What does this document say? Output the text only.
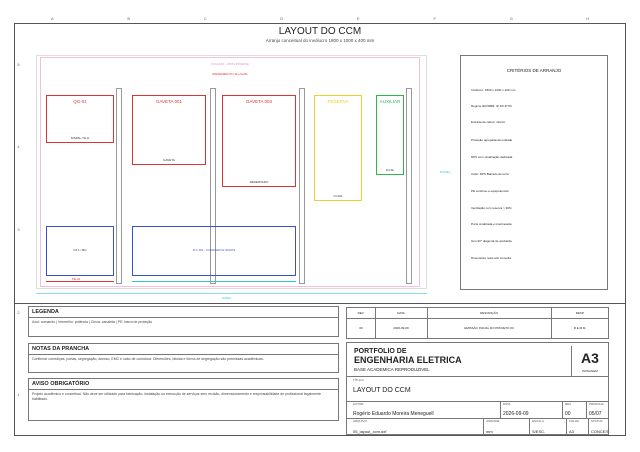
A	B	C	D	E	F	G	H
5
4
3
2
1
LAYOUT DO CCM
Arranjo conceitual do invólucro 1800 x 1000 x 400 mm
CCM-100 - VISTA INTERNA
BARRAMENTO 3F+N+PE
QG-01
DISPAL-TH-H
GAVETA 001
GAVETA
GAVETA 003
RESERVADO
RESERVA
CI-001
AUXILIAR
DJ-SL
DJ 1 / BO	DJ / DS - COMANDO E SINAIS
PE-01
PAINEL
SAÍDA
CRITÉRIOS DE ARRANJO
Invólucro: 1800 x 1000 x 400 mm
Regime IEC/NBR: IP 40/ IP 54
Entrada de cabos: inferior
Proteção agrupada da unidade
DPS com sinalização dedicada
Cabo: DPS Barrado de terra
PE contínuo e equipotencial
Ventilação com reserva > 30%
Porta sinalizada e intertravada
Giro 90° diagonal de acobarda
Dimensões reais sob consulta
LEGENDA
Azul: comando | Vermelho: potência | Cinza: canaleta | PE: barra de proteção
NOTAS DA PRANCHA
Confirmar corrediças, portas, segregação, acesso, EMC e cabo de comutura. Dimensões, bitolas e forma de segregação são premissas acadêmicas.
AVISO OBRIGATÓRIO
Projeto acadêmico e conceitual. Não deve ser utilizado para fabricação, instalação ou execução de serviços sem revisão, dimensionamento e responsabilidade de profissional legalmente habilitado.
REV.	DATA	DESCRIÇÃO	RESP.
00	2026-09-09	EMISSÃO INICIAL DO PROJETO 00	R.E.M.M.
PORTFOLIO DE
ENGENHARIA ELETRICA
BASE ACADEMICA REPRODUZIVEL
A3
PAISAGEM
TÍTULO
LAYOUT DO CCM
AUTOR
Rogério Eduardo Moreira Meneguell
DATA
2026-09-09
REV.
00
PRANCHA
05/07
ARQUIVO
05_layout_ccm.dxf
UNIDADE
mm
ESCALA
S/ESC.
FOLHA
A3
STATUS
CONCEIT.
